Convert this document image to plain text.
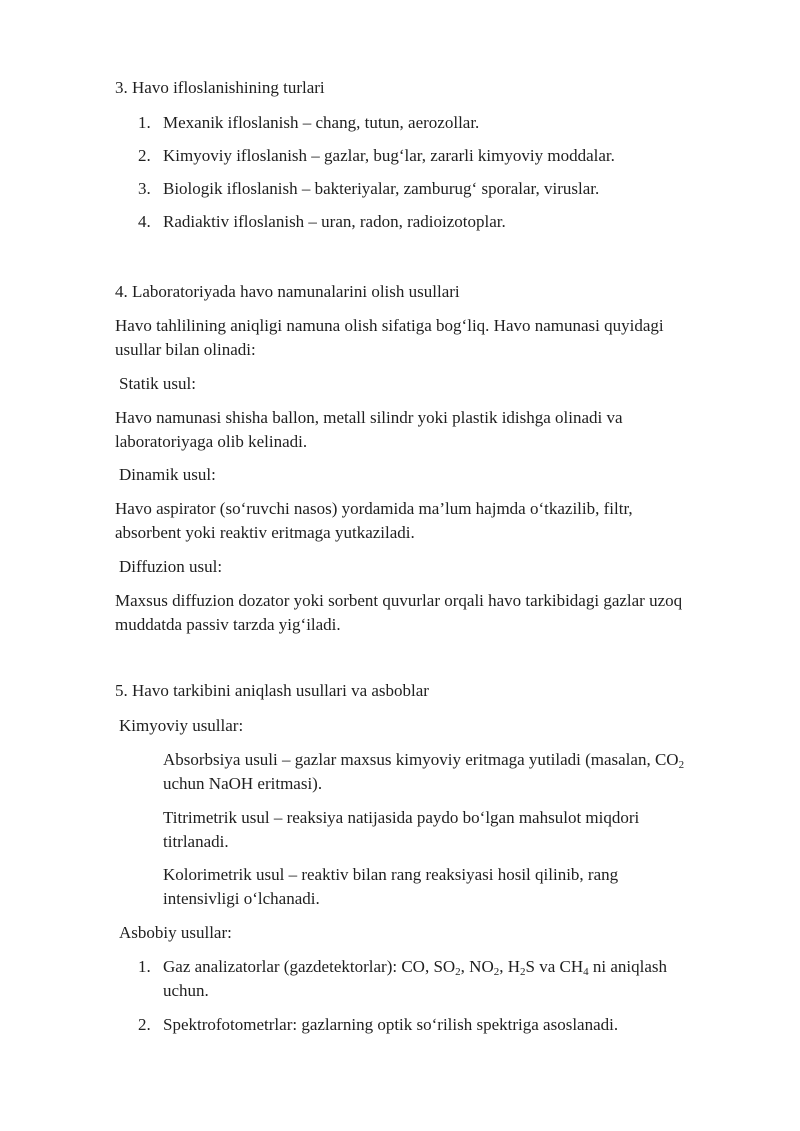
3. Havo ifloslanishining turlari
1. Mexanik ifloslanish – chang, tutun, aerozollar.
2. Kimyoviy ifloslanish – gazlar, bug‘lar, zararli kimyoviy moddalar.
3. Biologik ifloslanish – bakteriyalar, zamburug‘ sporalar, viruslar.
4. Radiaktiv ifloslanish – uran, radon, radioizotoplar.
4. Laboratoriyada havo namunalarini olish usullari

Havo tahlilining aniqligi namuna olish sifatiga bog‘liq. Havo namunasi quyidagi

usullar bilan olinadi:

Statik usul:

Havo namunasi shisha ballon, metall silindr yoki plastik idishga olinadi va

laboratoriyaga olib kelinadi.

Dinamik usul:

Havo aspirator (so‘ruvchi nasos) yordamida ma’lum hajmda o‘tkazilib, filtr,

absorbent yoki reaktiv eritmaga yutkaziladi.

Diffuzion usul:

Maxsus diffuzion dozator yoki sorbent quvurlar orqali havo tarkibidagi gazlar uzoq

muddatda passiv tarzda yig‘iladi.

5. Havo tarkibini aniqlash usullari va asboblar

Kimyoviy usullar:

Absorbsiya usuli – gazlar maxsus kimyoviy eritmaga yutiladi (masalan, $CO_2$

uchun NaOH eritmasi).

Titrimetrik usul – reaksiya natijasida paydo bo‘lgan mahsulot miqdori

titrlanadi.

Kolorimetrik usul – reaktiv bilan rang reaksiyasi hosil qilinib, rang

intensivligi o‘lchanadi.

Asbobiy usullar:

1. Gaz analizatorlar (gazdetektorlar): CO, $SO_2$, $NO_2$, $H_2S$ va $CH_4$ ni aniqlash

uchun.

2. Spektrofotometrlar: gazlarning optik so‘rilish spektriga asoslanadi.
